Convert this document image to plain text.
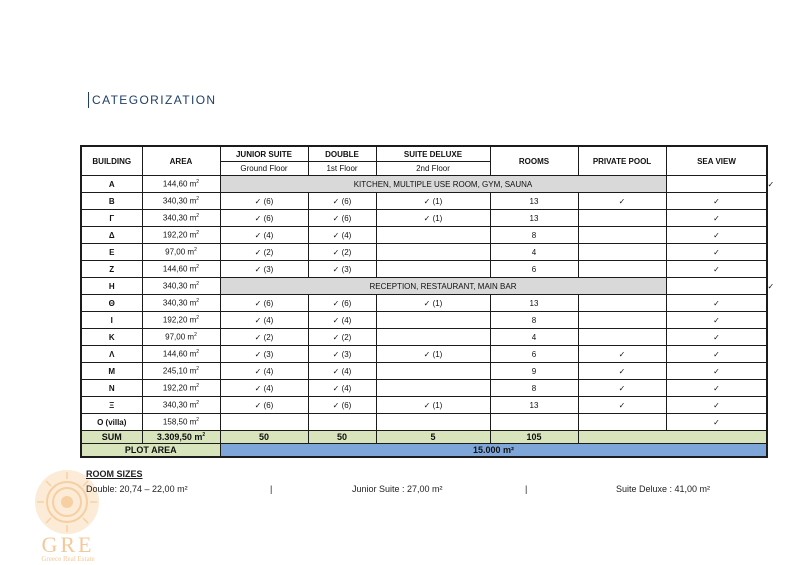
CATEGORIZATION
BUILDING	AREA	JUNIOR SUITE	DOUBLE	SUITE DELUXE	ROOMS	PRIVATE POOL	SEA VIEW	
		Ground Floor	1st Floor	2nd Floor				
A	144,60 $m^2$	KITCHEN, MULTIPLE USE ROOM, GYM, SAUNA						✓
B	340,30 $m^2$	✓ (6)	✓ (6)	✓ (1)	13	✓	✓	
Γ	340,30 $m^2$	✓ (6)	✓ (6)	✓ (1)	13		✓	
Δ	192,20 $m^2$	✓ (4)	✓ (4)		8		✓	
E	97,00 $m^2$	✓ (2)	✓ (2)		4		✓	
Z	144,60 $m^2$	✓ (3)	✓ (3)		6		✓	
H	340,30 $m^2$	RECEPTION, RESTAURANT, MAIN BAR						✓
Θ	340,30 $m^2$	✓ (6)	✓ (6)	✓ (1)	13		✓	
I	192,20 $m^2$	✓ (4)	✓ (4)		8		✓	
K	97,00 $m^2$	✓ (2)	✓ (2)		4		✓	
Λ	144,60 $m^2$	✓ (3)	✓ (3)	✓ (1)	6	✓	✓	
M	245,10 $m^2$	✓ (4)	✓ (4)		9	✓	✓	
N	192,20 $m^2$	✓ (4)	✓ (4)		8	✓	✓	
Ξ	340,30 $m^2$	✓ (6)	✓ (6)	✓ (1)	13	✓	✓	
O (villa)	158,50 $m^2$						✓	
SUM	3.309,50 $m^2$	50	50	5	105			
PLOT AREA		15.000 m²						
GRE
Greece Real Estate
ROOM SIZES
Double: 20,74 – 22,00 m²	|	Junior Suite : 27,00 m²	|	Suite Deluxe : 41,00 m²
